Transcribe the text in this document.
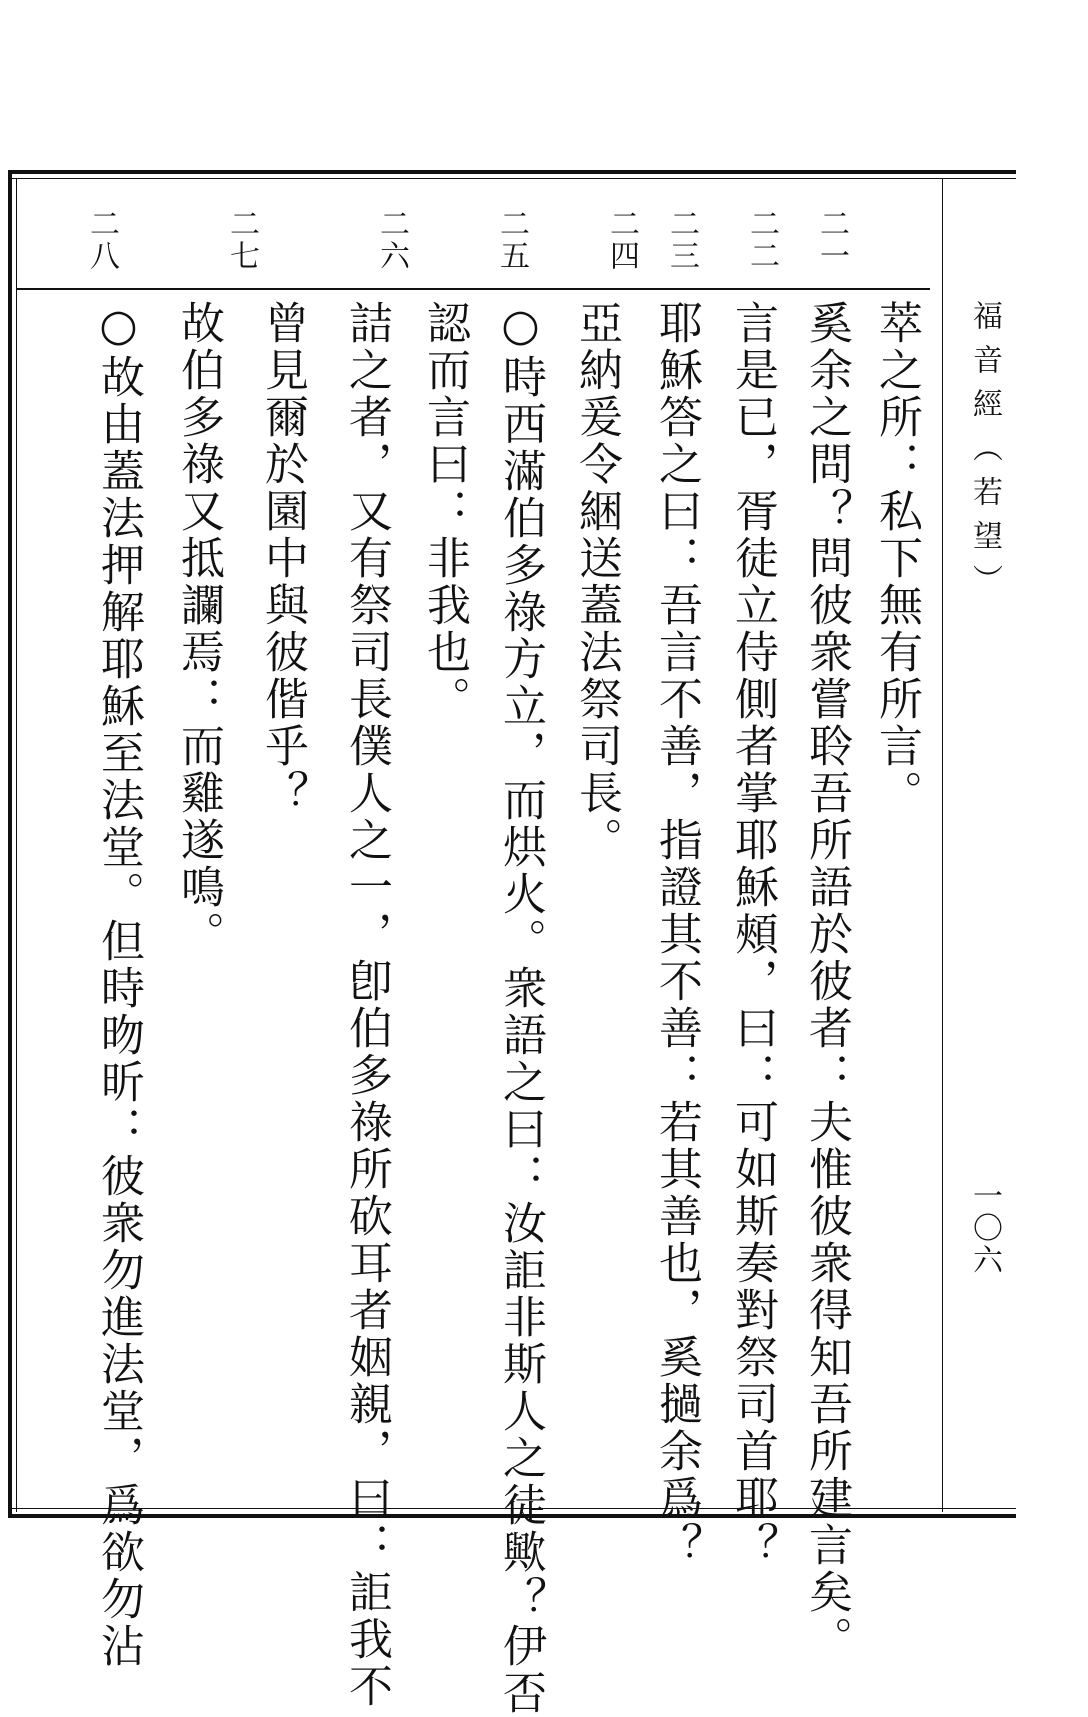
福音經（若望）
一〇六
二一
二二
二三
二四
二五
二六
二七
二八
萃之所：私下無有所言。
奚余之問？問彼衆嘗聆吾所語於彼者：夫惟彼衆得知吾所建言矣。
言是已，胥徒立侍側者掌耶穌頰，曰：可如斯奏對祭司首耶？
耶穌答之曰：吾言不善，指證其不善：若其善也，奚撾余爲？
亞納爰令綑送蓋法祭司長。
○時西滿伯多祿方立，而烘火。衆語之曰：汝詎非斯人之徒歟？伊否
認而言曰：非我也。
詰之者，又有祭司長僕人之一，卽伯多祿所砍耳者姻親，曰：詎我不
曾見爾於園中與彼偕乎？
故伯多祿又抵讕焉：而雞遂鳴。
○故由蓋法押解耶穌至法堂。但時昒昕：彼衆勿進法堂，爲欲勿沾
